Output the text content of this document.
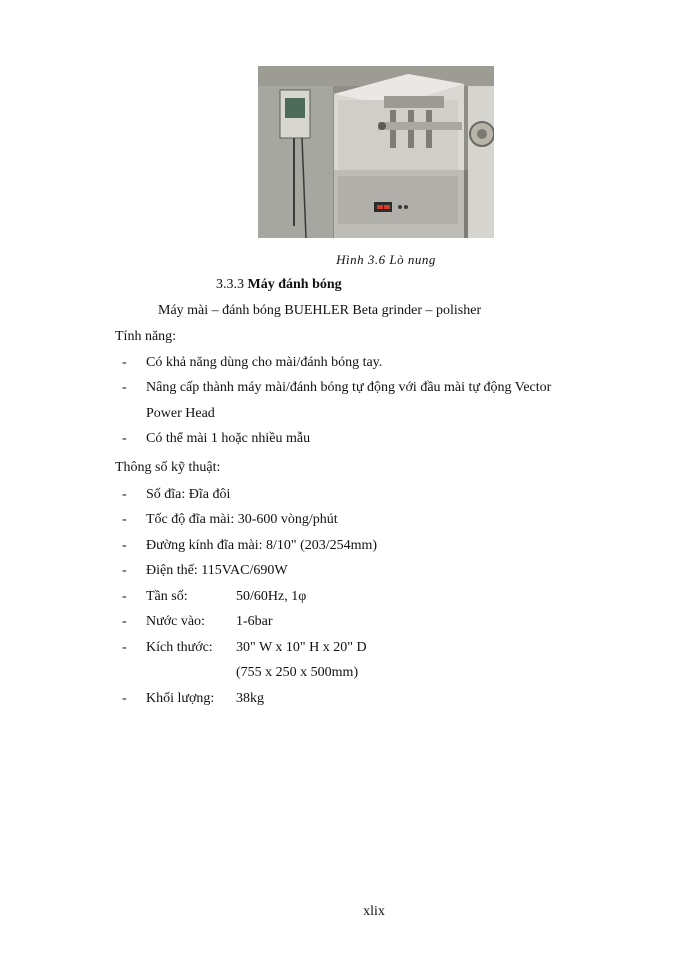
Hình 3.6 Lò nung
3.3.3 Máy đánh bóng
Máy mài – đánh bóng BUEHLER Beta grinder – polisher
Tính năng:
-	Có khả năng dùng cho mài/đánh bóng tay.
-	Nâng cấp thành máy mài/đánh bóng tự động với đầu mài tự động Vector
Power Head
-	Có thể mài 1 hoặc nhiều mẫu
Thông số kỹ thuật:
-	Số đĩa: Đĩa đôi
-	Tốc độ đĩa mài: 30-600 vòng/phút
-	Đường kính đĩa mài: 8/10" (203/254mm)
-	Điện thế: 115VAC/690W
-	Tần số:	50/60Hz, 1φ
-	Nước vào: 1-6bar
-	Kích thước: 30" W x 10" H x 20" D
(755 x 250 x 500mm)
-	Khối lượng: 38kg
xlix
